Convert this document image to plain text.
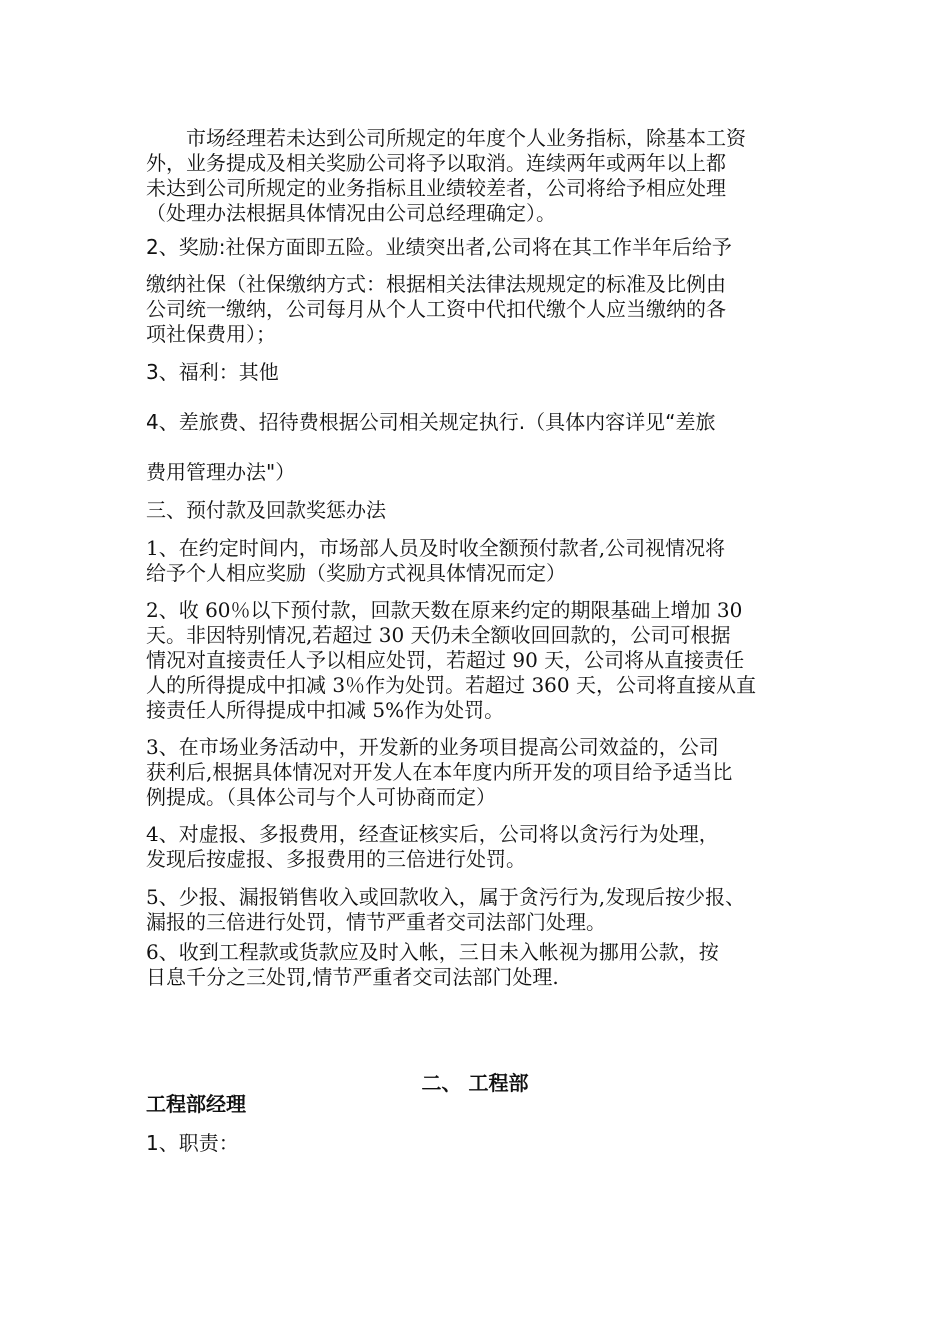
　　市场经理若未达到公司所规定的年度个人业务指标，除基本工资
外，业务提成及相关奖励公司将予以取消。连续两年或两年以上都
未达到公司所规定的业务指标且业绩较差者，公司将给予相应处理
（处理办法根据具体情况由公司总经理确定）。
2、奖励:社保方面即五险。业绩突出者,公司将在其工作半年后给予
缴纳社保（社保缴纳方式：根据相关法律法规规定的标准及比例由
公司统一缴纳，公司每月从个人工资中代扣代缴个人应当缴纳的各
项社保费用）；
3、福利：其他
4、差旅费、招待费根据公司相关规定执行.（具体内容详见“差旅
费用管理办法"）
三、预付款及回款奖惩办法
1、在约定时间内，市场部人员及时收全额预付款者,公司视情况将
给予个人相应奖励（奖励方式视具体情况而定）
2、收 60％以下预付款，回款天数在原来约定的期限基础上增加 30
天。非因特别情况,若超过 30 天仍未全额收回回款的，公司可根据
情况对直接责任人予以相应处罚，若超过 90 天，公司将从直接责任
人的所得提成中扣减 3％作为处罚。若超过 360 天，公司将直接从直
接责任人所得提成中扣减 5%作为处罚。
3、在市场业务活动中，开发新的业务项目提高公司效益的，公司
获利后,根据具体情况对开发人在本年度内所开发的项目给予适当比
例提成。（具体公司与个人可协商而定）
4、对虚报、多报费用，经查证核实后，公司将以贪污行为处理，
发现后按虚报、多报费用的三倍进行处罚。
5、少报、漏报销售收入或回款收入，属于贪污行为,发现后按少报、
漏报的三倍进行处罚，情节严重者交司法部门处理。
6、收到工程款或货款应及时入帐，三日未入帐视为挪用公款，按
日息千分之三处罚,情节严重者交司法部门处理.
二、 工程部
工程部经理
1、职责：
